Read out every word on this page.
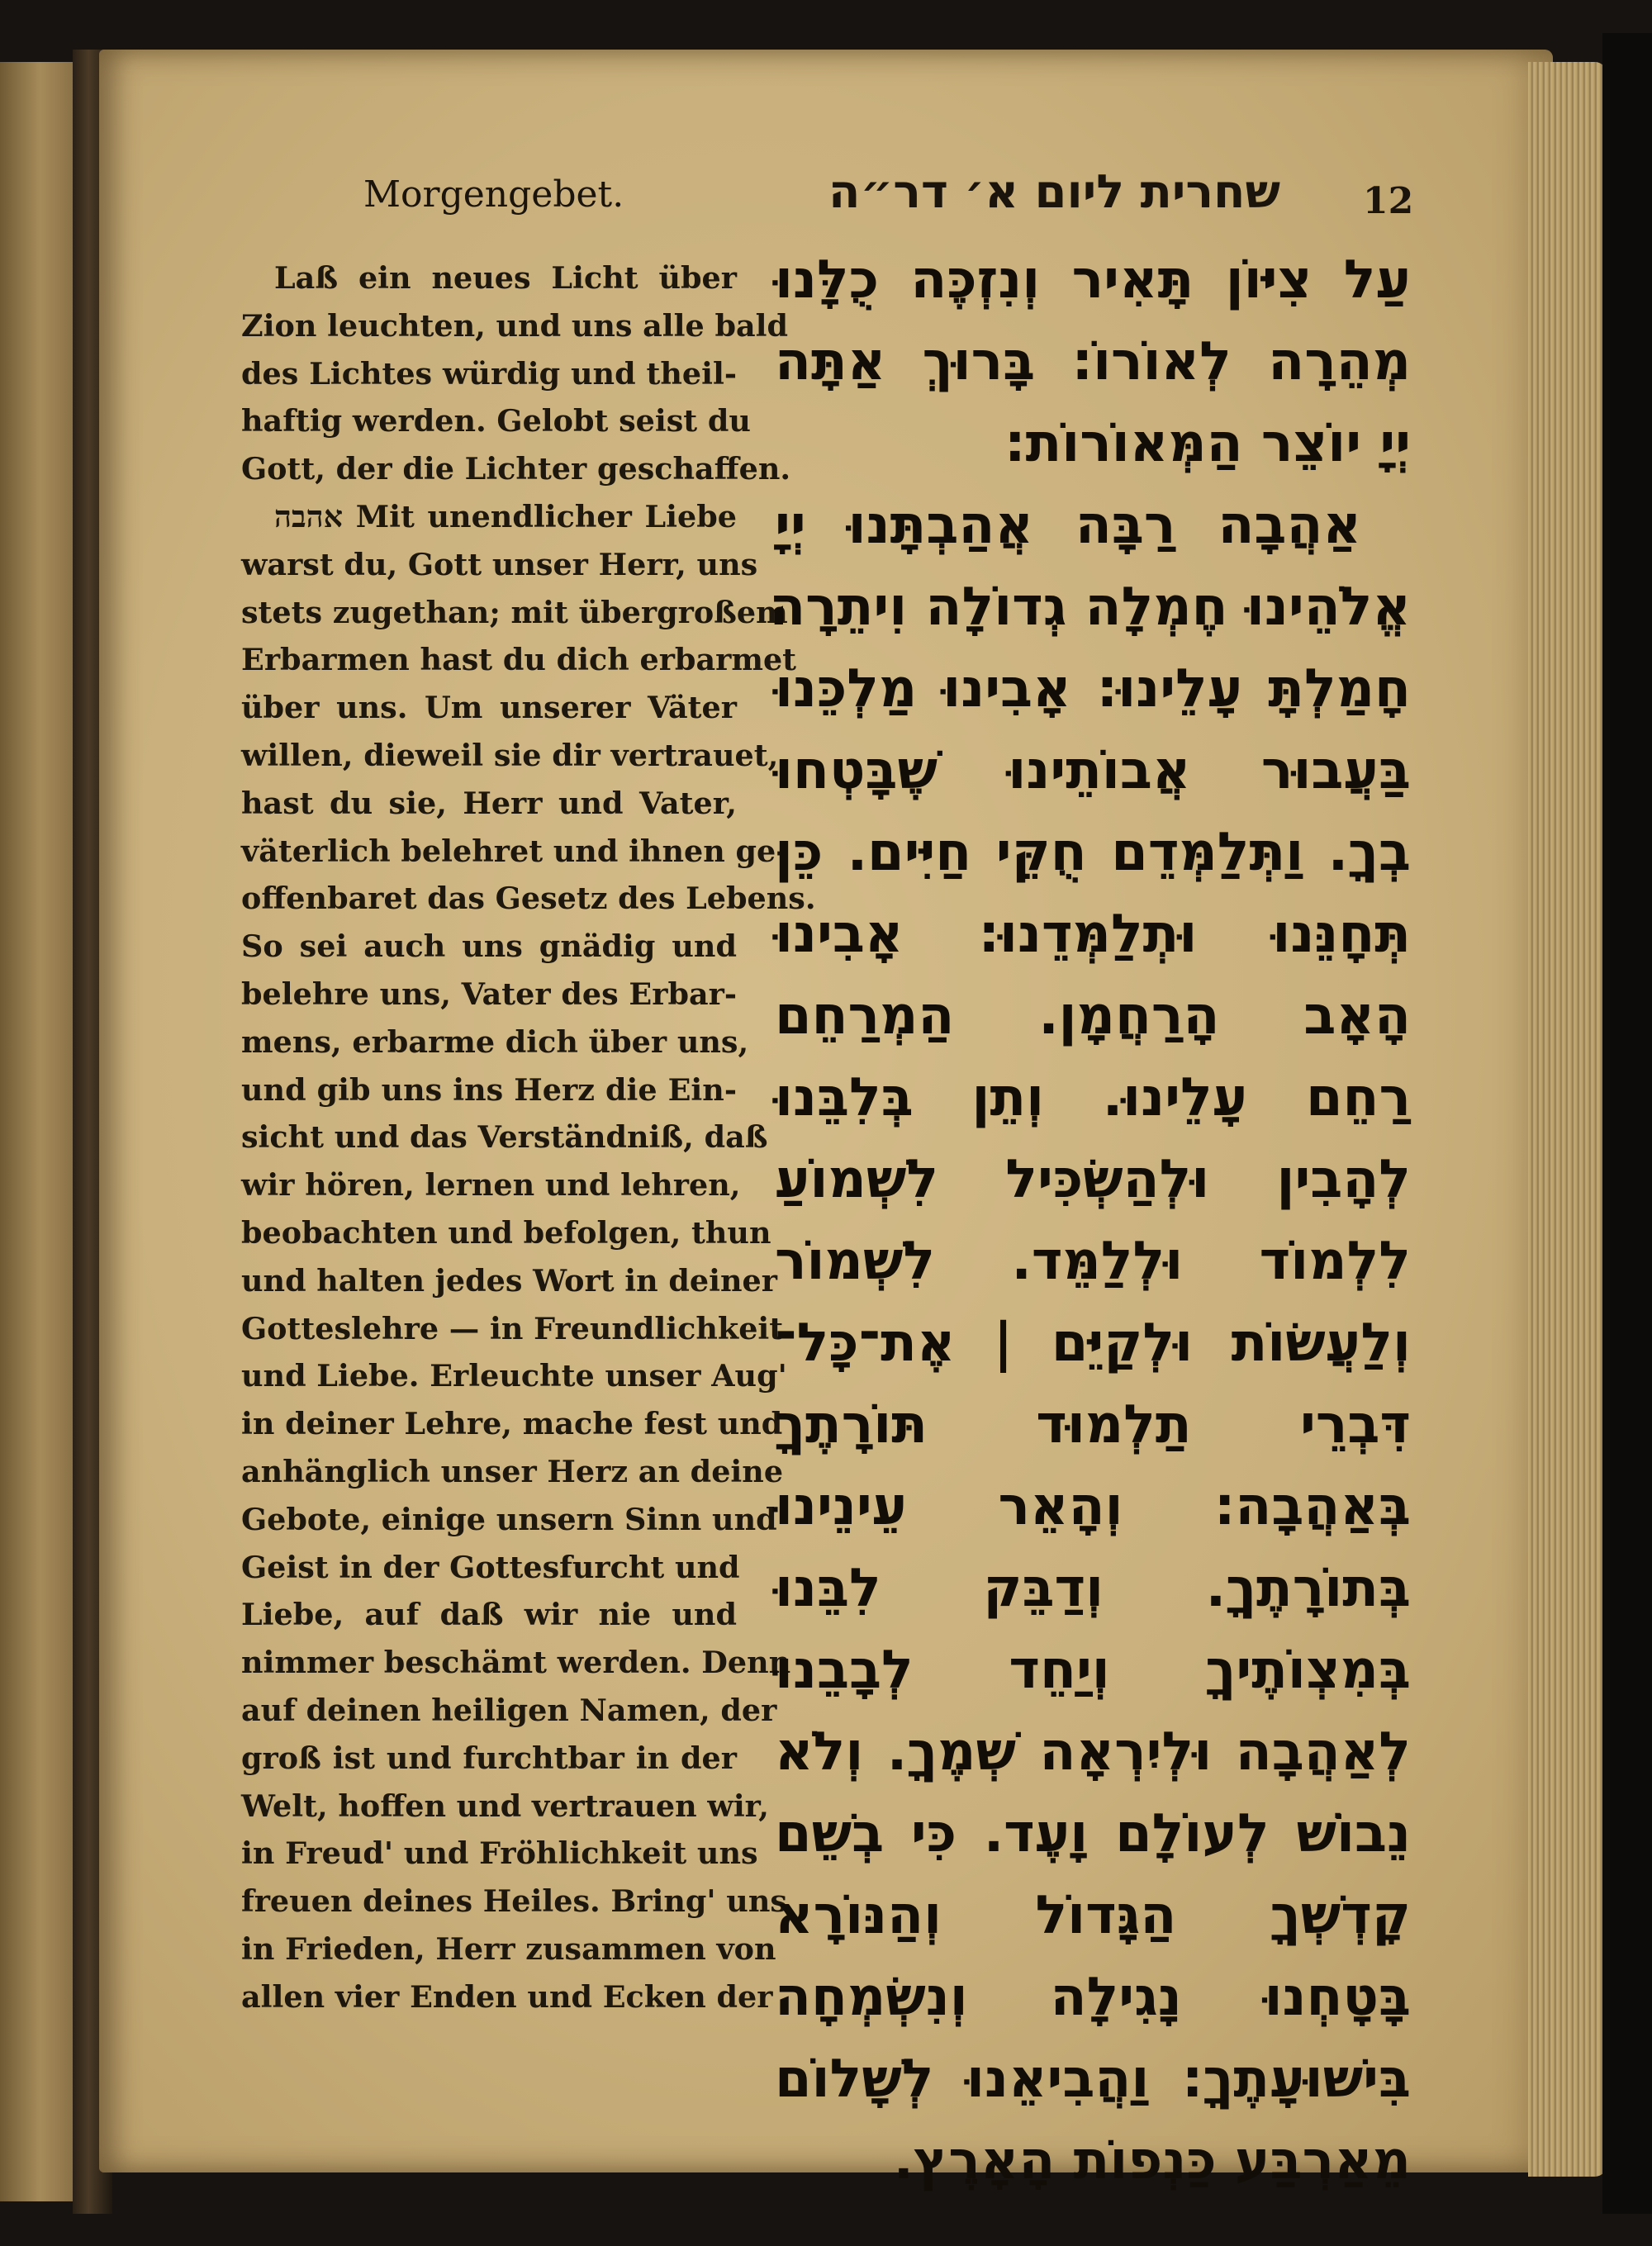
Morgengebet.	שחרית ליום א׳ דר״ה 12
Laß ein neues Licht über
Zion leuchten, und uns alle bald
des Lichtes würdig und theil-
haftig werden. Gelobt seist du
Gott, der die Lichter geschaffen.
אהבה Mit unendlicher Liebe
warst du, Gott unser Herr, uns
stets zugethan; mit übergroßem
Erbarmen hast du dich erbarmet
über uns. Um unserer Väter
willen, dieweil sie dir vertrauet,
hast du sie, Herr und Vater,
väterlich belehret und ihnen ge-
offenbaret das Gesetz des Lebens.
So sei auch uns gnädig und
belehre uns, Vater des Erbar-
mens, erbarme dich über uns,
und gib uns ins Herz die Ein-
sicht und das Verständniß, daß
wir hören, lernen und lehren,
beobachten und befolgen, thun
und halten jedes Wort in deiner
Gotteslehre — in Freundlichkeit
und Liebe. Erleuchte unser Aug'
in deiner Lehre, mache fest und
anhänglich unser Herz an deine
Gebote, einige unsern Sinn und
Geist in der Gottesfurcht und
Liebe, auf daß wir nie und
nimmer beschämt werden. Denn
auf deinen heiligen Namen, der
groß ist und furchtbar in der
Welt, hoffen und vertrauen wir,
in Freud' und Fröhlichkeit uns
freuen deines Heiles. Bring' uns
in Frieden, Herr zusammen von
allen vier Enden und Ecken der
עַל צִיּוֹן תָּאִיר וְנִזְכֶּה כֻלָּנוּ
מְהֵרָה לְאוֹרוֹ: בָּרוּךְ אַתָּה
יְיָ יוֹצֵר הַמְּאוֹרוֹת:
אַהֲבָה רַבָּה אֲהַבְתָּנוּ יְיָ
אֱלֹהֵינוּ חֶמְלָה גְדוֹלָה וִיתֵרָה
חָמַלְתָּ עָלֵינוּ: אָבִינוּ מַלְכֵּנוּ
בַּעֲבוּר אֲבוֹתֵינוּ שֶׁבָּטְחוּ
בְךָ. וַתְּלַמְּדֵם חֻקֵּי חַיִּים. כֵּן
תְּחָנֵּנוּ וּתְלַמְּדֵנוּ: אָבִינוּ
הָאָב הָרַחֲמָן. הַמְרַחֵם
רַחֵם עָלֵינוּ. וְתֵן בְּלִבֵּנוּ
לְהָבִין וּלְהַשְׂכִּיל לִשְׁמוֹעַ
לִלְמוֹד וּלְלַמֵּד. לִשְׁמוֹר
וְלַעֲשׂוֹת וּלְקַיֵּם | אֶת־כָּל־
דִּבְרֵי תַלְמוּד תּוֹרָתֶךָ
בְּאַהֲבָה: וְהָאֵר עֵינֵינוּ
בְּתוֹרָתֶךָ. וְדַבֵּק לִבֵּנוּ
בְּמִצְוֹתֶיךָ וְיַחֵד לְבָבֵנוּ
לְאַהֲבָה וּלְיִרְאָה שְׁמֶךָ. וְלֹא
נֵבוֹשׁ לְעוֹלָם וָעֶד. כִּי בְשֵׁם
קָדְשְׁךָ הַגָּדוֹל וְהַנּוֹרָא
בָּטָחְנוּ נָגִילָה וְנִשְׂמְחָה
בִּישׁוּעָתֶךָ: וַהֲבִיאֵנוּ לְשָׁלוֹם
מֵאַרְבַּע כַּנְפוֹת הָאָרֶץ.
